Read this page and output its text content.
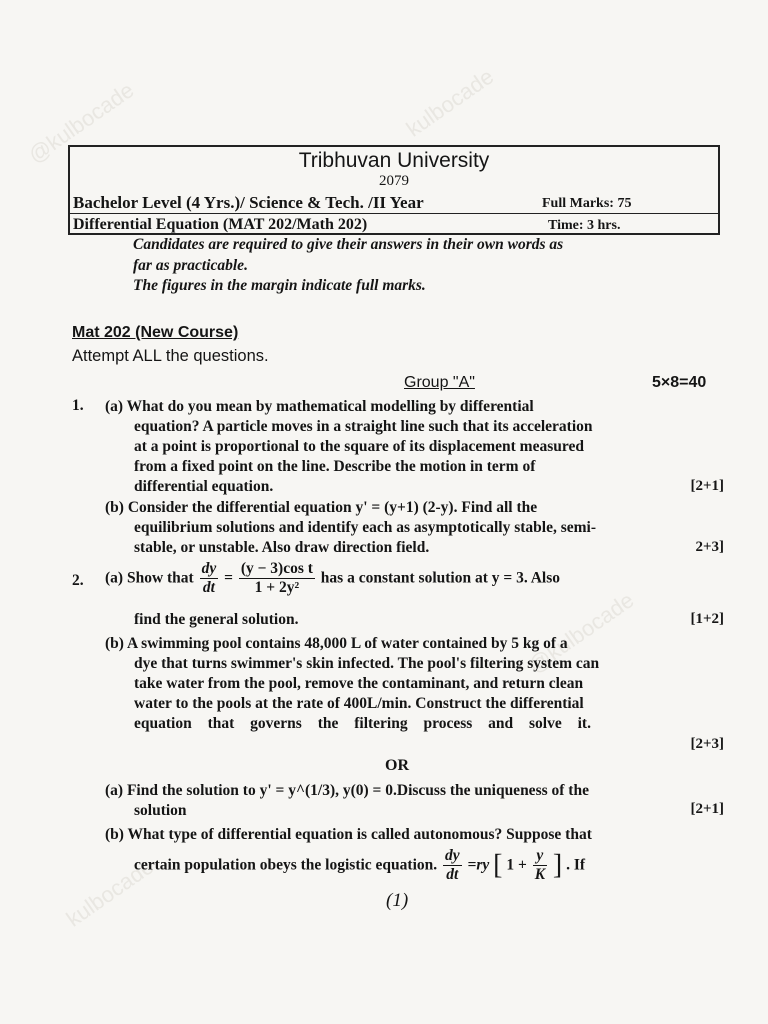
@kulbocade	kulbocade
@kulbocade
kulbocade
Tribhuvan University
2079
Bachelor Level (4 Yrs.)/ Science & Tech. /II Year	Full Marks: 75
Differential Equation (MAT 202/Math 202)	Time: 3 hrs.
Candidates are required to give their answers in their own words as
far as practicable.
The figures in the margin indicate full marks.
Mat 202 (New Course)
Attempt ALL the questions.
Group "A"	5×8=40
1. (a) What do you mean by mathematical modelling by differential
equation? A particle moves in a straight line such that its acceleration
at a point is proportional to the square of its displacement measured
from a fixed point on the line. Describe the motion in term of
differential equation.	[2+1]
(b) Consider the differential equation y' = (y+1) (2-y). Find all the
equilibrium solutions and identify each as asymptotically stable, semi-
stable, or unstable. Also draw direction field.	2+3]
2. (a) Show that $\frac{dy}{dt} = \frac{\text{(y − 3)cos t}}{\text{1 + 2y²}}$ has a constant solution at y = 3. Also
find the general solution.	[1+2]
(b) A swimming pool contains 48,000 L of water contained by 5 kg of a
dye that turns swimmer's skin infected. The pool's filtering system can
take water from the pool, remove the contaminant, and return clean
water to the pools at the rate of 400L/min. Construct the differential
equation that governs the filtering process and solve it.
[2+3]
OR
(a) Find the solution to y' = y^(1/3), y(0) = 0.Discuss the uniqueness of the
solution	[2+1]
(b) What type of differential equation is called autonomous? Suppose that
certain population obeys the logistic equation. $\frac{dy}{dt} =ry$ [ $1 + \frac{y}{K}$ ] . If
(1)
